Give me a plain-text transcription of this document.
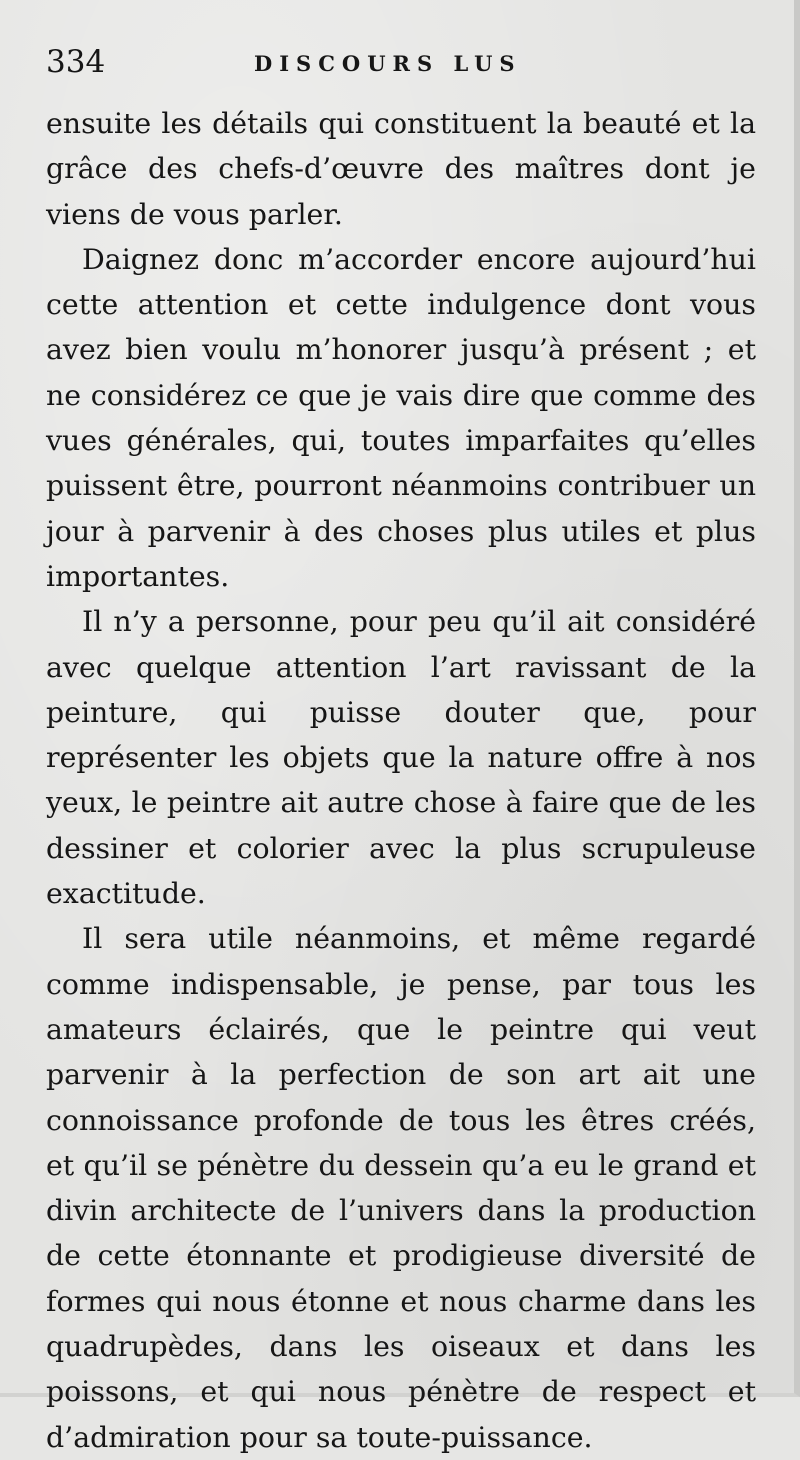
334	DISCOURS LUS

ensuite les détails qui constituent la beauté et la grâce des chefs-d’œuvre des maîtres dont je viens de vous parler.

Daignez donc m’accorder encore aujourd’hui cette attention et cette indulgence dont vous avez bien voulu m’honorer jusqu’à présent ; et ne considérez ce que je vais dire que comme des vues générales, qui, toutes imparfaites qu’elles puissent être, pourront néanmoins contribuer un jour à parvenir à des choses plus utiles et plus importantes.

Il n’y a personne, pour peu qu’il ait considéré avec quelque attention l’art ravissant de la peinture, qui puisse douter que, pour représenter les objets que la nature offre à nos yeux, le peintre ait autre chose à faire que de les dessiner et colorier avec la plus scrupuleuse exactitude.

Il sera utile néanmoins, et même regardé comme indispensable, je pense, par tous les amateurs éclairés, que le peintre qui veut parvenir à la perfection de son art ait une connoissance profonde de tous les êtres créés, et qu’il se pénètre du dessein qu’a eu le grand et divin architecte de l’univers dans la production de cette étonnante et prodigieuse diversité de formes qui nous étonne et nous charme dans les quadrupèdes, dans les oiseaux et dans les poissons, et qui nous pénètre de respect et d’admiration pour sa toute-puissance.
